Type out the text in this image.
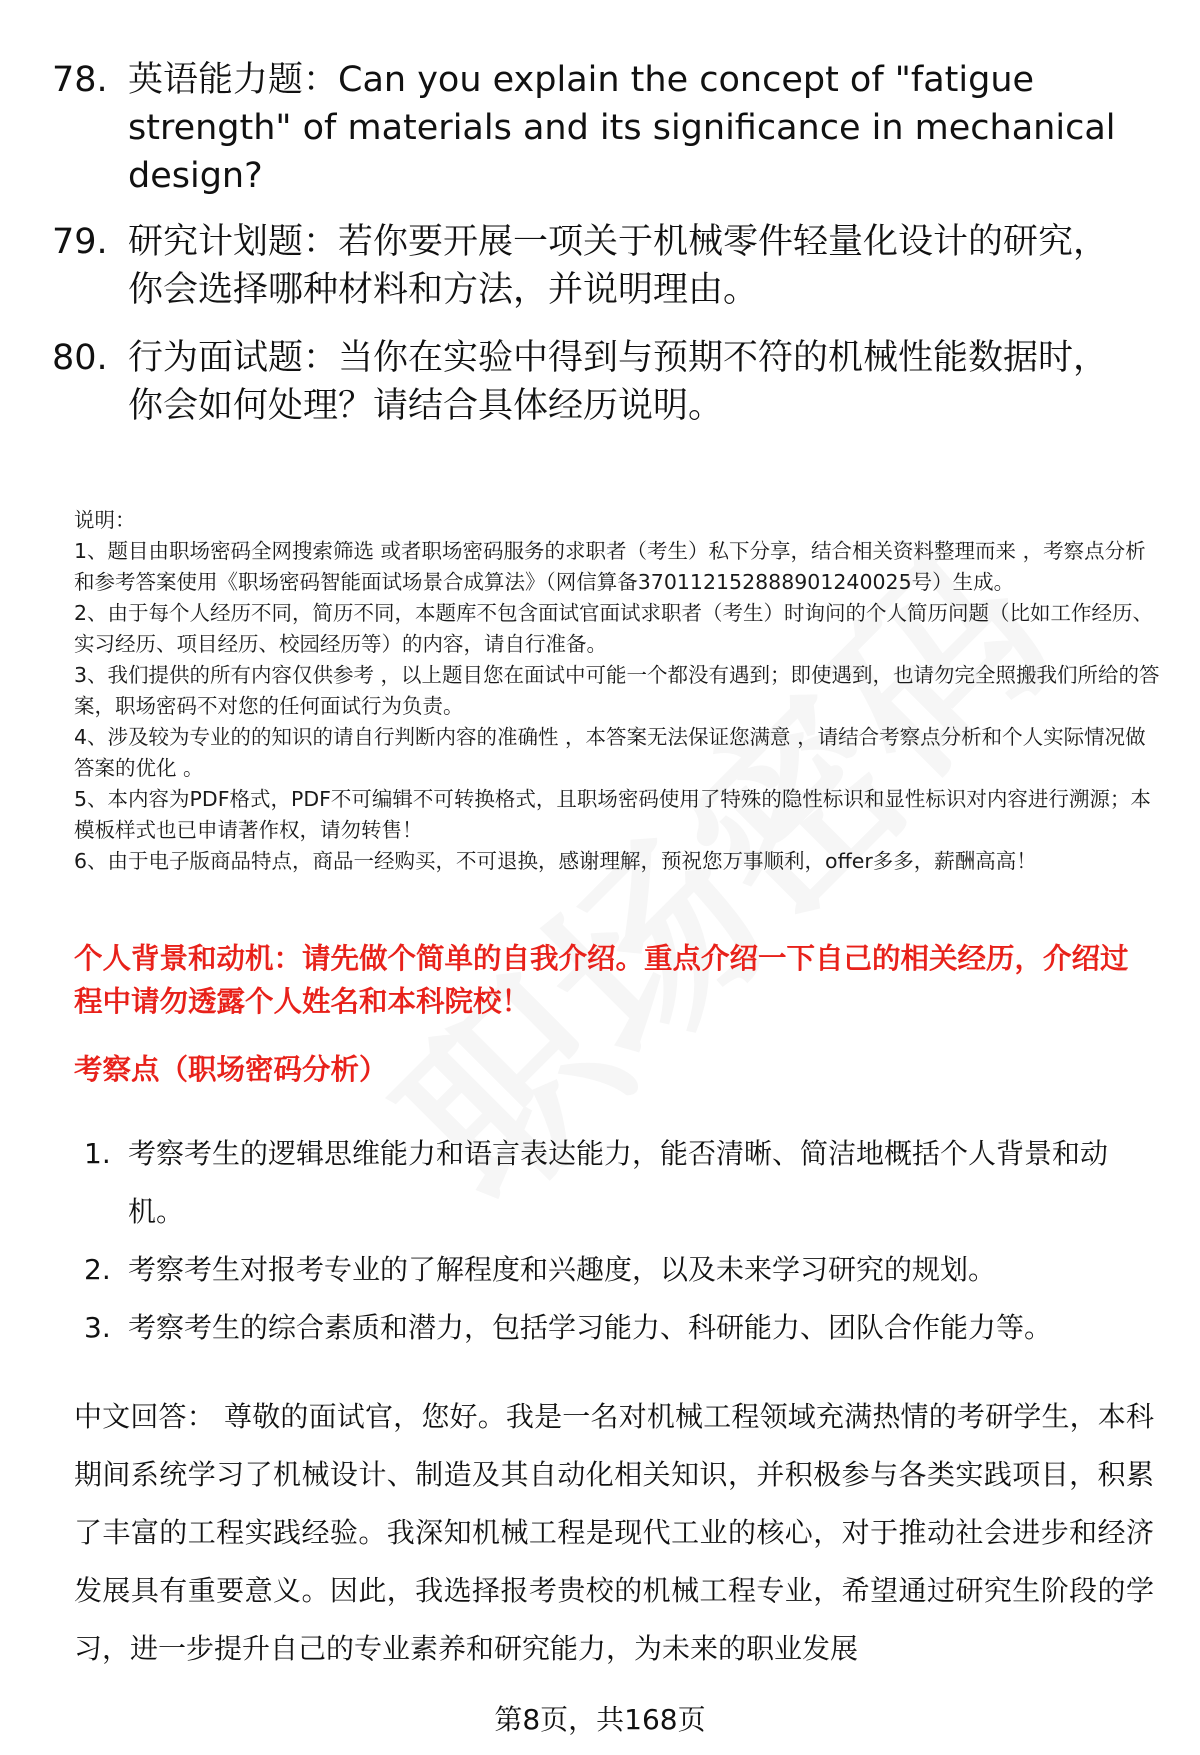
78. 英语能力题：Can you explain the concept of "fatigue strength" of materials and its significance in mechanical design?
79. 研究计划题：若你要开展一项关于机械零件轻量化设计的研究，你会选择哪种材料和方法，并说明理由。
80. 行为面试题：当你在实验中得到与预期不符的机械性能数据时，你会如何处理？请结合具体经历说明。

说明：

1、题目由职场密码全网搜索筛选 或者职场密码服务的求职者（考生）私下分享，结合相关资料整理而来 ，考察点分析和参考答案使用《职场密码智能面试场景合成算法》（网信算备370112152888901240025号）生成。

2、由于每个人经历不同，简历不同，本题库不包含面试官面试求职者（考生）时询问的个人简历问题（比如工作经历、实习经历、项目经历、校园经历等）的内容，请自行准备。

3、我们提供的所有内容仅供参考 ，以上题目您在面试中可能一个都没有遇到；即使遇到，也请勿完全照搬我们所给的答案，职场密码不对您的任何面试行为负责。

4、涉及较为专业的的知识的请自行判断内容的准确性 ，本答案无法保证您满意 ，请结合考察点分析和个人实际情况做答案的优化 。

5、本内容为PDF格式，PDF不可编辑不可转换格式，且职场密码使用了特殊的隐性标识和显性标识对内容进行溯源；本模板样式也已申请著作权，请勿转售！

6、由于电子版商品特点，商品一经购买，不可退换，感谢理解，预祝您万事顺利，offer多多，薪酬高高！

个人背景和动机：请先做个简单的自我介绍。重点介绍一下自己的相关经历，介绍过程中请勿透露个人姓名和本科院校！
考察点（职场密码分析）
1. 考察考生的逻辑思维能力和语言表达能力，能否清晰、简洁地概括个人背景和动机。
2. 考察考生对报考专业的了解程度和兴趣度，以及未来学习研究的规划。
3. 考察考生的综合素质和潜力，包括学习能力、科研能力、团队合作能力等。
中文回答： 尊敬的面试官，您好。我是一名对机械工程领域充满热情的考研学生，本科期间系统学习了机械设计、制造及其自动化相关知识，并积极参与各类实践项目，积累了丰富的工程实践经验。我深知机械工程是现代工业的核心，对于推动社会进步和经济发展具有重要意义。因此，我选择报考贵校的机械工程专业，希望通过研究生阶段的学习，进一步提升自己的专业素养和研究能力，为未来的职业发展
第8页，共168页
